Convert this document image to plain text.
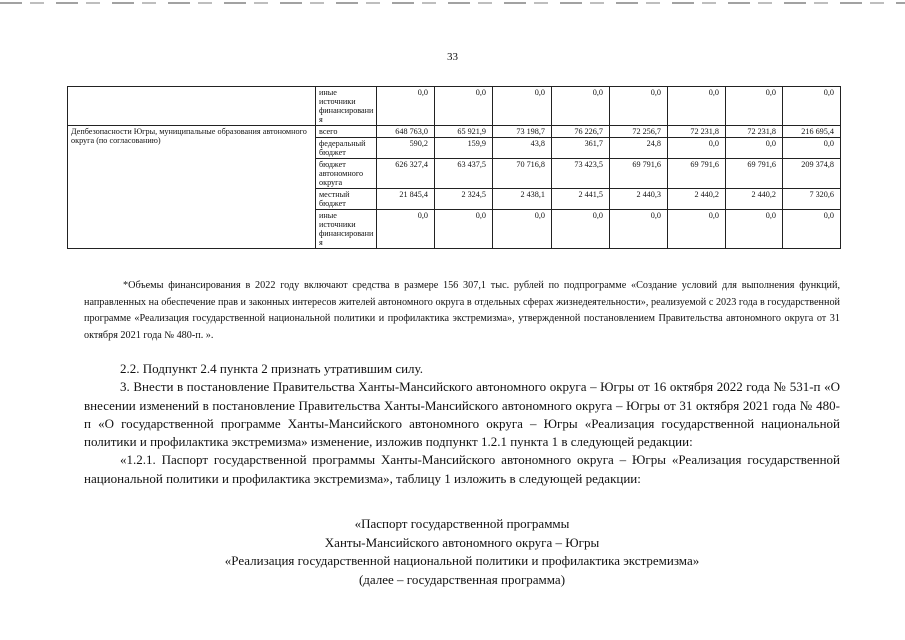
33
	иные источники финансировани я	0,0	0,0	0,0	0,0	0,0	0,0	0,0	0,0
Депбезопасности Югры, муниципальные образования автономного округа (по согласованию)	всего	648 763,0	65 921,9	73 198,7	76 226,7	72 256,7	72 231,8	72 231,8	216 695,4
	федеральный бюджет	590,2	159,9	43,8	361,7	24,8	0,0	0,0	0,0
	бюджет автономного округа	626 327,4	63 437,5	70 716,8	73 423,5	69 791,6	69 791,6	69 791,6	209 374,8
	местный бюджет	21 845,4	2 324,5	2 438,1	2 441,5	2 440,3	2 440,2	2 440,2	7 320,6
	иные источники финансировани я	0,0	0,0	0,0	0,0	0,0	0,0	0,0	0,0

*Объемы финансирования в 2022 году включают средства в размере 156 307,1 тыс. рублей по подпрограмме «Создание условий для выполнения функций, направленных на обеспечение прав и законных интересов жителей автономного округа в отдельных сферах жизнедеятельности», реализуемой с 2023 года в государственной программе «Реализация государственной национальной политики и профилактика экстремизма», утвержденной постановлением Правительства автономного округа от 31 октября 2021 года № 480-п. ».

2.2. Подпункт 2.4 пункта 2 признать утратившим силу.

3. Внести в постановление Правительства Ханты-Мансийского автономного округа – Югры от 16 октября 2022 года № 531-п «О внесении изменений в постановление Правительства Ханты-Мансийского автономного округа – Югры от 31 октября 2021 года № 480-п «О государственной программе Ханты-Мансийского автономного округа – Югры «Реализация государственной национальной политики и профилактика экстремизма» изменение, изложив подпункт 1.2.1 пункта 1 в следующей редакции:

«1.2.1. Паспорт государственной программы Ханты-Мансийского автономного округа – Югры «Реализация государственной национальной политики и профилактика экстремизма», таблицу 1 изложить в следующей редакции:

«Паспорт государственной программы
Ханты-Мансийского автономного округа – Югры
«Реализация государственной национальной политики и профилактика экстремизма»
(далее – государственная программа)
